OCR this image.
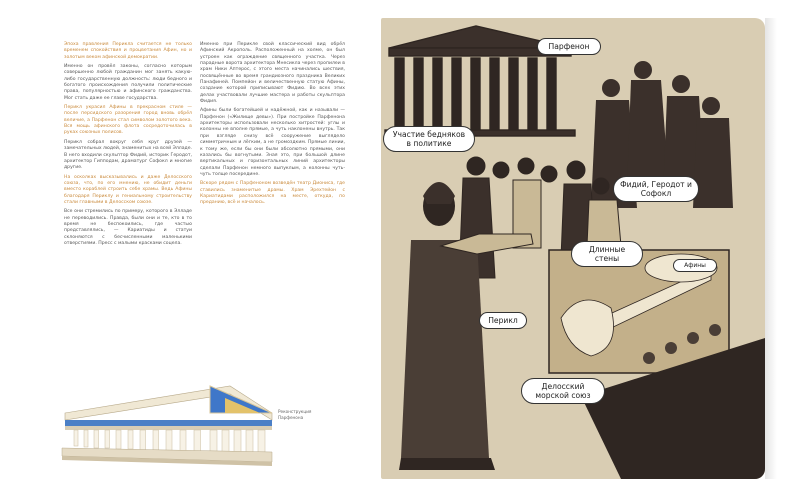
Эпоха правления Перикла считается не только временем спокойствия и процветания Афин, но и золотым веком афинской демократии.

Именно он провёл законы, согласно которым совершенно любой гражданин мог занять какую-либо государственную должность: люди бедного и богатого происхождения получили политические права, популярностью и афинского гражданства. Мог стать даже ее главе государства.

Перикл украсил Афины в прекрасном стиле — после персидского разорения город вновь обрёл величие, а Парфенон стал символом золотого века. Вся мощь афинского флота сосредоточилась в руках союзных полисов.

Перикл собрал вокруг себя круг друзей — замечательных людей, знаменитых на всей Элладе. В него входили скульптор Фидий, историк Геродот, архитектор Гипподам, драматург Софокл и многие другие.

На осколках высказывались и даже Делосского союза, что, по его мнению, не обидит деньги вместо кораблей строить себе храмы. Ведь Афины благодаря Периклу и гениальному строительству стали главными в Делосском союзе.

Все они стремились по примеру, которого в Элладе не переводились. Правда, были они и те, кто в то время не беспокоились, где частью представлялись, — Кариатиды и статуи склоняются с бесчисленными маленькими отверстиями. Пресс с малыми красками соцела.

Именно при Перикле свой классический вид обрёл Афинский Акрополь. Расположенный на холме, он был устроен как ограждение священного участка. Через парадные ворота архитектора Мнесикла через пропилеи в храм Ники Аптерос, с этого места начинались шествия, посвящённые во время грандиозного праздника Великих Панафиней. Помпейон и величественную статую Афины, создание которой приписывают Фидию. Во всех этих делах участвовали лучшие мастера и работы скульптора Фидия.

Афины были богатейшей и надёжной, как и называли — Парфенон («Жилище девы»). При постройке Парфенона архитекторы использовали несколько хитростей: углы и колонны не вполне прямые, а чуть наклонены внутрь. Так при взгляде снизу всё сооружение выглядело симметричным и лёгким, а не громоздким. Прямые линии, к тому же, если бы они были абсолютно прямыми, они казались бы вогнутыми. Зная это, при большой длине вертикальных и горизонтальных линий архитекторы сделали Парфенон немного выпуклым, а колонны чуть-чуть толще посередине.

Вскоре рядом с Парфеноном возведён театр Диониса, где ставились знаменитые драмы. Храм Эрехтейон с Кариатидами расположился на месте, откуда, по преданию, всё и началось.

Реконструкция Парфенона
Парфенон
Участие бедняков в политике
Фидий, Геродот и Софокл
Длинные стены
Афины
Перикл
Делосский морской союз
